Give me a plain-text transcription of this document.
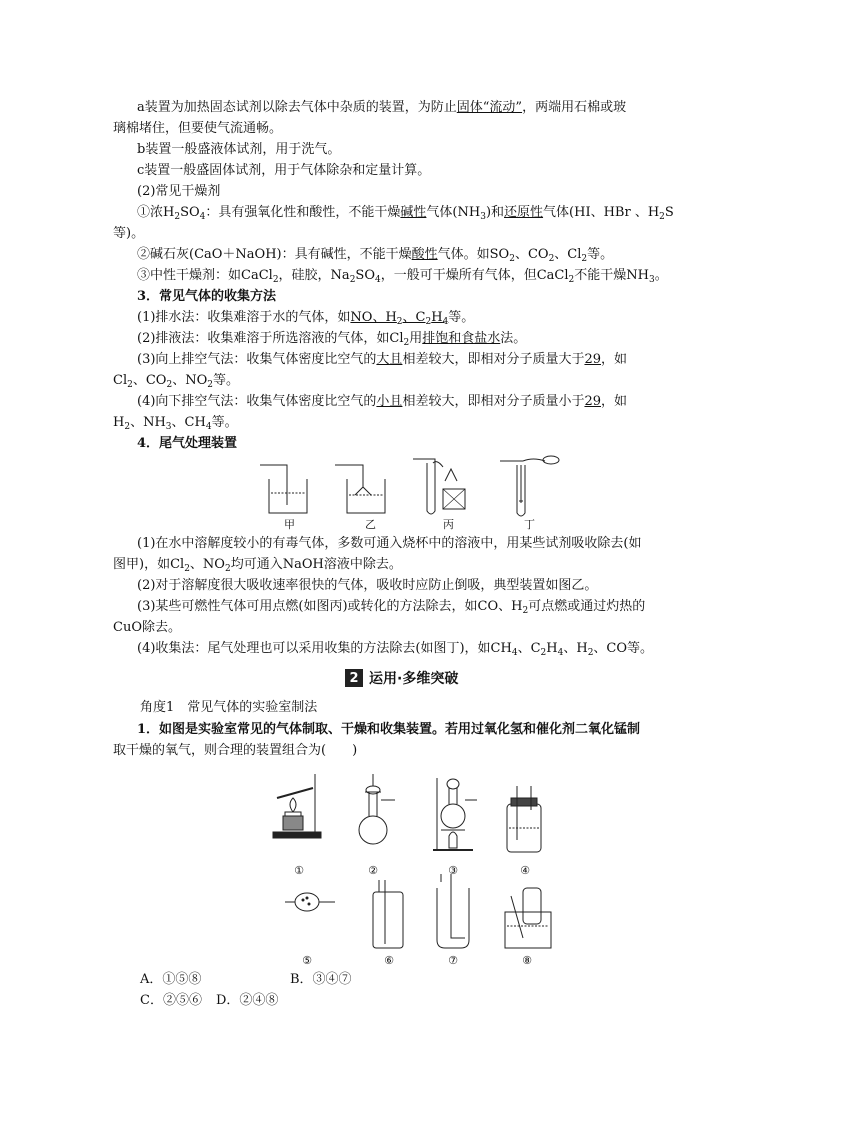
a装置为加热固态试剂以除去气体中杂质的装置，为防止固体“流动”，两端用石棉或玻
璃棉堵住，但要使气流通畅。
b装置一般盛液体试剂，用于洗气。
c装置一般盛固体试剂，用于气体除杂和定量计算。
(2)常见干燥剂
①浓$H_2SO_4$：具有强氧化性和酸性，不能干燥碱性气体$(NH_3)$和还原性气体(HI、HBr 、$H_2S$
等)。
②碱石灰(CaO＋NaOH)：具有碱性，不能干燥酸性气体。如$SO_2$、$CO_2$、$Cl_2$等。
③中性干燥剂：如CaCl$_2$，硅胶，$Na_2SO_4$，一般可干燥所有气体，但CaCl$_2$不能干燥$NH_3$。
3．常见气体的收集方法
(1)排水法：收集难溶于水的气体，如NO、$H_2$、$C_2H_4$等。
(2)排液法：收集难溶于所选溶液的气体，如$Cl_2$用排饱和食盐水法。
(3)向上排空气法：收集气体密度比空气的大且相差较大，即相对分子质量大于29，如
$Cl_2$、$CO_2$、$NO_2$等。
(4)向下排空气法：收集气体密度比空气的小且相差较大，即相对分子质量小于29，如
$H_2$、$NH_3$、$CH_4$等。
4．尾气处理装置
甲	乙	丙	丁
(1)在水中溶解度较小的有毒气体，多数可通入烧杯中的溶液中，用某些试剂吸收除去(如
图甲)，如$Cl_2$、$NO_2$均可通入NaOH溶液中除去。
(2)对于溶解度很大吸收速率很快的气体，吸收时应防止倒吸，典型装置如图乙。
(3)某些可燃性气体可用点燃(如图丙)或转化的方法除去，如CO、$H_2$可点燃或通过灼热的
CuO除去。
(4)收集法：尾气处理也可以采用收集的方法除去(如图丁)，如$CH_4$、$C_2H_4$、$H_2$、CO等。
2 运用·多维突破
角度1　常见气体的实验室制法
1．如图是实验室常见的气体制取、干燥和收集装置。若用过氧化氢和催化剂二氧化锰制
取干燥的氧气，则合理的装置组合为(　　)
①	②	③	④
⑤	⑥	⑦	⑧
A．①⑤⑧	B．③④⑦
C．②⑤⑥	D．②④⑧
